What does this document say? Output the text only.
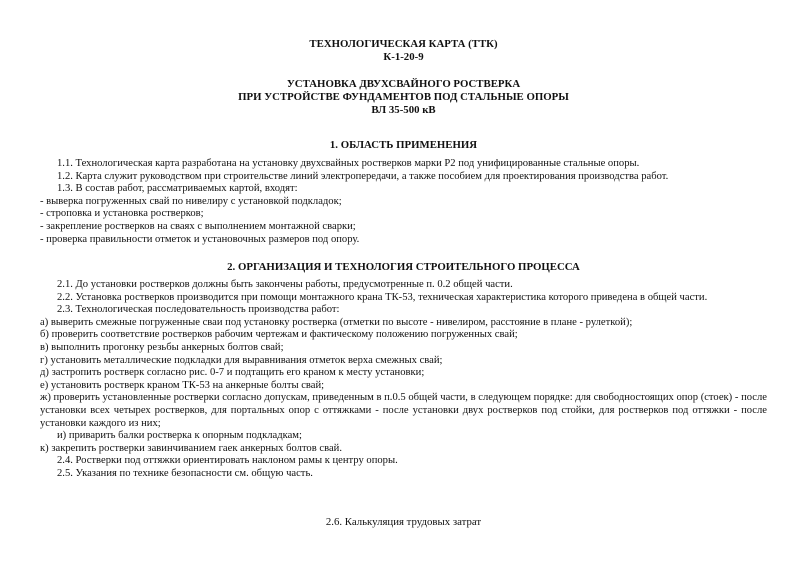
ТЕХНОЛОГИЧЕСКАЯ КАРТА (ТТК)
К-1-20-9
УСТАНОВКА ДВУХСВАЙНОГО РОСТВЕРКА
ПРИ УСТРОЙСТВЕ ФУНДАМЕНТОВ ПОД СТАЛЬНЫЕ ОПОРЫ
ВЛ 35-500 кВ
1. ОБЛАСТЬ ПРИМЕНЕНИЯ

1.1. Технологическая карта разработана на установку двухсвайных ростверков марки Р2 под унифицированные стальные опоры.

1.2. Карта служит руководством при строительстве линий электропередачи, а также пособием для проектирования производства работ.

1.3. В состав работ, рассматриваемых картой, входят:

- выверка погруженных свай по нивелиру с установкой подкладок;

- строповка и установка ростверков;

- закрепление ростверков на сваях с выполнением монтажной сварки;

- проверка правильности отметок и установочных размеров под опору.

2. ОРГАНИЗАЦИЯ И ТЕХНОЛОГИЯ СТРОИТЕЛЬНОГО ПРОЦЕССА

2.1. До установки ростверков должны быть закончены работы, предусмотренные п. 0.2 общей части.

2.2. Установка ростверков производится при помощи монтажного крана ТК-53, техническая характеристика которого приведена в общей части.

2.3. Технологическая последовательность производства работ:

а) выверить смежные погруженные сваи под установку ростверка (отметки по высоте - нивелиром, расстояние в плане - рулеткой);

б) проверить соответствие ростверков рабочим чертежам и фактическому положению погруженных свай;

в) выполнить прогонку резьбы анкерных болтов свай;

г) установить металлические подкладки для выравнивания отметок верха смежных свай;

д) застропить ростверк согласно рис. 0-7 и подтащить его краном к месту установки;

е) установить ростверк краном ТК-53 на анкерные болты свай;

ж) проверить установленные ростверки согласно допускам, приведенным в п.0.5 общей части, в следующем порядке: для свободностоящих опор (стоек) - после установки всех четырех ростверков, для портальных опор с оттяжками - после установки двух ростверков под стойки, для ростверков под оттяжки - после установки каждого из них;

и) приварить балки ростверка к опорным подкладкам;

к) закрепить ростверки завинчиванием гаек анкерных болтов свай.

2.4. Ростверки под оттяжки ориентировать наклоном рамы к центру опоры.

2.5. Указания по технике безопасности см. общую часть.

2.6. Калькуляция трудовых затрат
